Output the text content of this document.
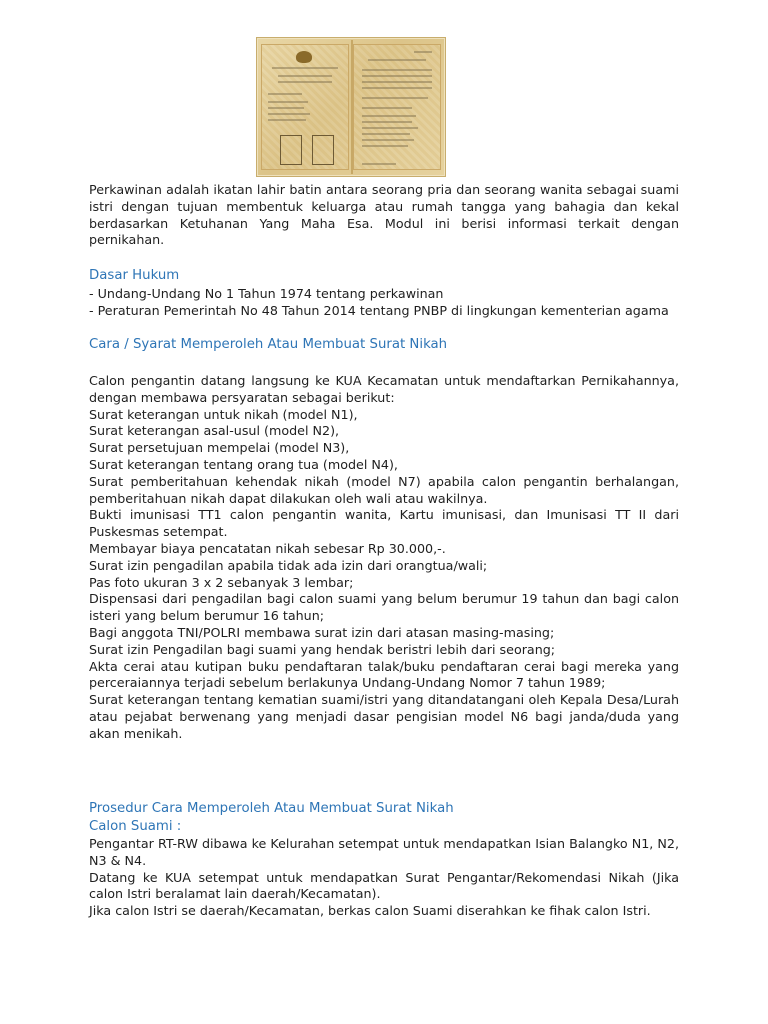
Perkawinan adalah ikatan lahir batin antara seorang pria dan seorang wanita sebagai suami istri dengan tujuan membentuk keluarga atau rumah tangga yang bahagia dan kekal berdasarkan Ketuhanan Yang Maha Esa. Modul ini berisi informasi terkait dengan pernikahan.

Dasar Hukum
- Undang-Undang No 1 Tahun 1974 tentang perkawinan
- Peraturan Pemerintah No 48 Tahun 2014 tentang PNBP di lingkungan kementerian agama
Cara / Syarat Memperoleh Atau Membuat Surat Nikah
Calon pengantin datang langsung ke KUA Kecamatan untuk mendaftarkan Pernikahannya, dengan membawa persyaratan sebagai berikut:
Surat keterangan untuk nikah (model N1),
Surat keterangan asal-usul (model N2),
Surat persetujuan mempelai (model N3),
Surat keterangan tentang orang tua (model N4),
Surat pemberitahuan kehendak nikah (model N7) apabila calon pengantin berhalangan, pemberitahuan nikah dapat dilakukan oleh wali atau wakilnya.
Bukti imunisasi TT1 calon pengantin wanita, Kartu imunisasi, dan Imunisasi TT II dari Puskesmas setempat.
Membayar biaya pencatatan nikah sebesar Rp 30.000,-.
Surat izin pengadilan apabila tidak ada izin dari orangtua/wali;
Pas foto ukuran 3 x 2 sebanyak 3 lembar;
Dispensasi dari pengadilan bagi calon suami yang belum berumur 19 tahun dan bagi calon isteri yang belum berumur 16 tahun;
Bagi anggota TNI/POLRI membawa surat izin dari atasan masing-masing;
Surat izin Pengadilan bagi suami yang hendak beristri lebih dari seorang;
Akta cerai atau kutipan buku pendaftaran talak/buku pendaftaran cerai bagi mereka yang perceraiannya terjadi sebelum berlakunya Undang-Undang Nomor 7 tahun 1989;
Surat keterangan tentang kematian suami/istri yang ditandatangani oleh Kepala Desa/Lurah atau pejabat berwenang yang menjadi dasar pengisian model N6 bagi janda/duda yang akan menikah.
Prosedur Cara Memperoleh Atau Membuat Surat Nikah
Calon Suami :
Pengantar RT-RW dibawa ke Kelurahan setempat untuk mendapatkan Isian Balangko N1, N2, N3 & N4.
Datang ke KUA setempat untuk mendapatkan Surat Pengantar/Rekomendasi Nikah (Jika calon Istri beralamat lain daerah/Kecamatan).
Jika calon Istri se daerah/Kecamatan, berkas calon Suami diserahkan ke fihak calon Istri.
